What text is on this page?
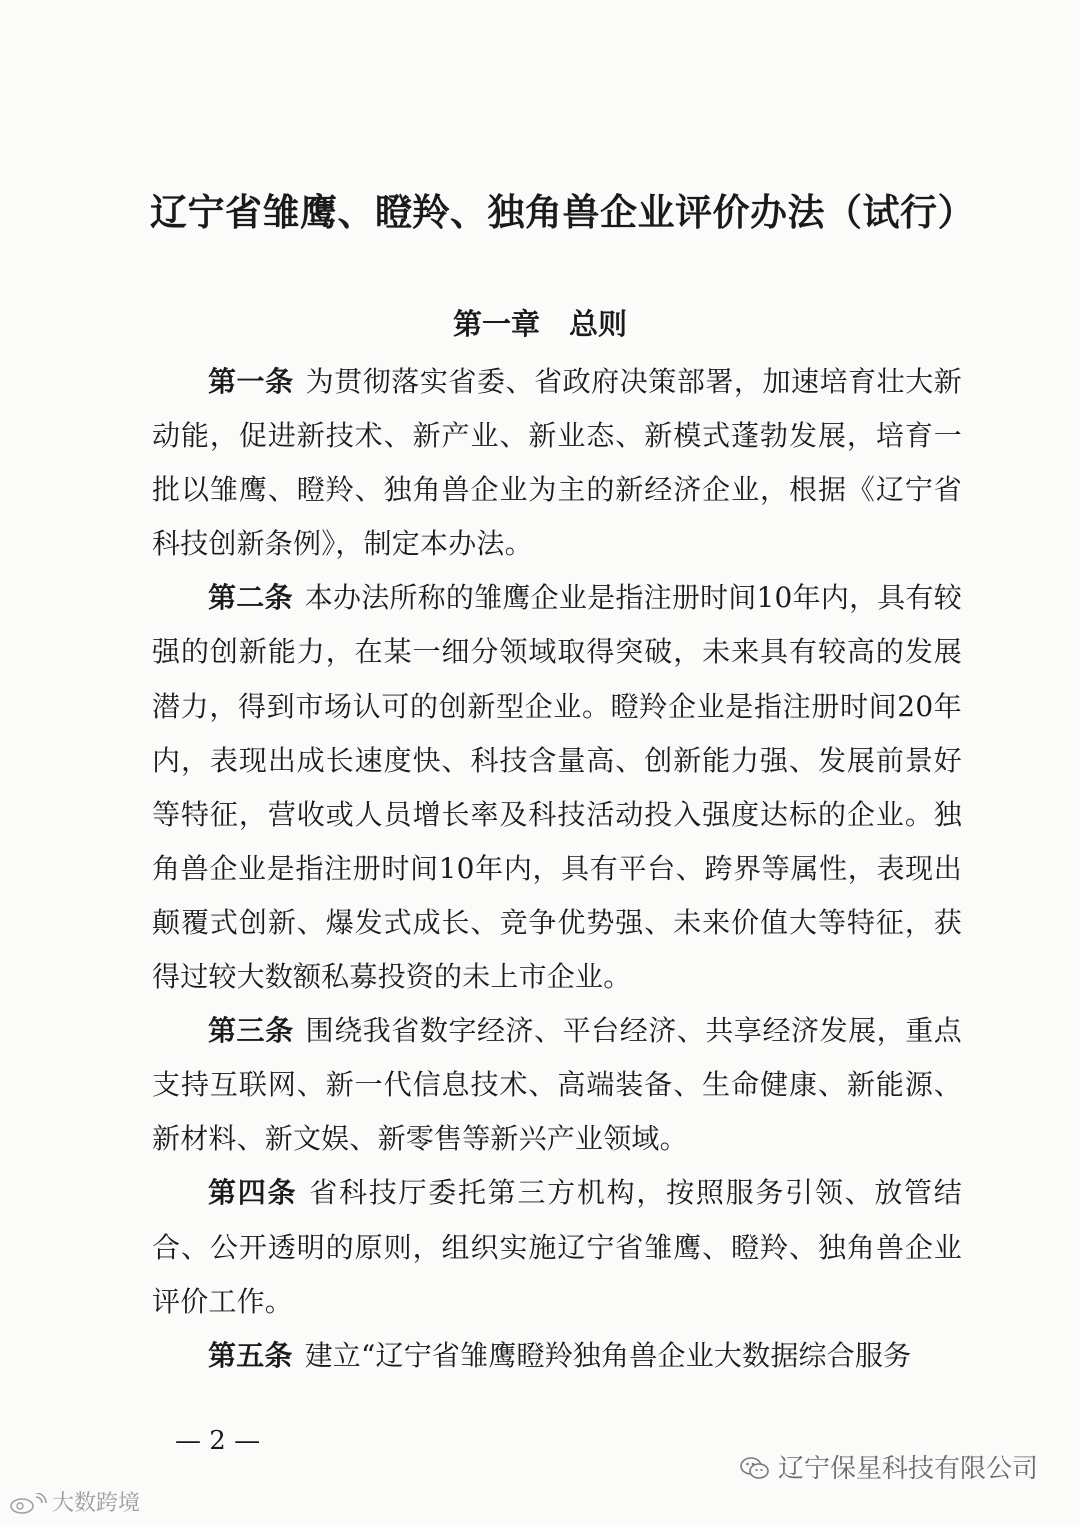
辽宁省雏鹰、瞪羚、独角兽企业评价办法（试行）
第一章　总则

第一条 为贯彻落实省委、省政府决策部署，加速培育壮大新动能，促进新技术、新产业、新业态、新模式蓬勃发展，培育一批以雏鹰、瞪羚、独角兽企业为主的新经济企业，根据《辽宁省科技创新条例》，制定本办法。

第二条 本办法所称的雏鹰企业是指注册时间10年内，具有较强的创新能力，在某一细分领域取得突破，未来具有较高的发展潜力，得到市场认可的创新型企业。瞪羚企业是指注册时间20年内，表现出成长速度快、科技含量高、创新能力强、发展前景好等特征，营收或人员增长率及科技活动投入强度达标的企业。独角兽企业是指注册时间10年内，具有平台、跨界等属性，表现出颠覆式创新、爆发式成长、竞争优势强、未来价值大等特征，获得过较大数额私募投资的未上市企业。

第三条 围绕我省数字经济、平台经济、共享经济发展，重点支持互联网、新一代信息技术、高端装备、生命健康、新能源、新材料、新文娱、新零售等新兴产业领域。

第四条 省科技厅委托第三方机构，按照服务引领、放管结合、公开透明的原则，组织实施辽宁省雏鹰、瞪羚、独角兽企业评价工作。

第五条 建立“辽宁省雏鹰瞪羚独角兽企业大数据综合服务

— 2 —
辽宁保星科技有限公司
大数跨境
